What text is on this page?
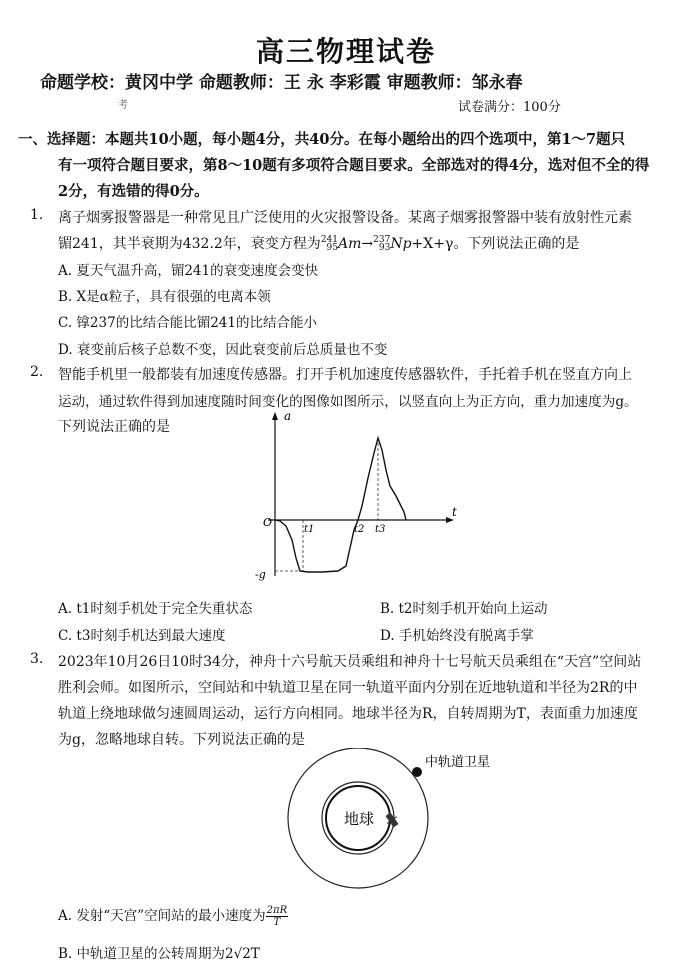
高三物理试卷
命题学校：黄冈中学 命题教师：王 永 李彩霞 审题教师：邹永春
考	试卷满分：100分
一、选择题：本题共10小题，每小题4分，共40分。在每小题给出的四个选项中，第1～7题只
有一项符合题目要求，第8～10题有多项符合题目要求。全部选对的得4分，选对但不全的得
2分，有选错的得0分。
1. 离子烟雾报警器是一种常见且广泛使用的火灾报警设备。某离子烟雾报警器中装有放射性元素
镅241，其半衰期为432.2年，衰变方程为 241
95 Am→ 237
93 Np+X+γ。下列说法正确的是
A. 夏天气温升高，镅241的衰变速度会变快
B. X是α粒子，具有很强的电离本领
C. 镎237的比结合能比镅241的比结合能小
D. 衰变前后核子总数不变，因此衰变前后总质量也不变
2. 智能手机里一般都装有加速度传感器。打开手机加速度传感器软件，手托着手机在竖直方向上
运动，通过软件得到加速度随时间变化的图像如图所示，以竖直向上为正方向，重力加速度为g。
下列说法正确的是
a
t
O
-g
t1	t2 t3
A. t1时刻手机处于完全失重状态	B. t2时刻手机开始向上运动
C. t3时刻手机达到最大速度	D. 手机始终没有脱离手掌
3. 2023年10月26日10时34分，神舟十六号航天员乘组和神舟十七号航天员乘组在“天宫”空间站
胜利会师。如图所示，空间站和中轨道卫星在同一轨道平面内分别在近地轨道和半径为2R的中
轨道上绕地球做匀速圆周运动，运行方向相同。地球半径为R，自转周期为T，表面重力加速度
为g，忽略地球自转。下列说法正确的是
地球
中轨道卫星
A. 发射“天宫”空间站的最小速度为 $\frac{2\pi R}{T}$
B. 中轨道卫星的公转周期为2√2T
